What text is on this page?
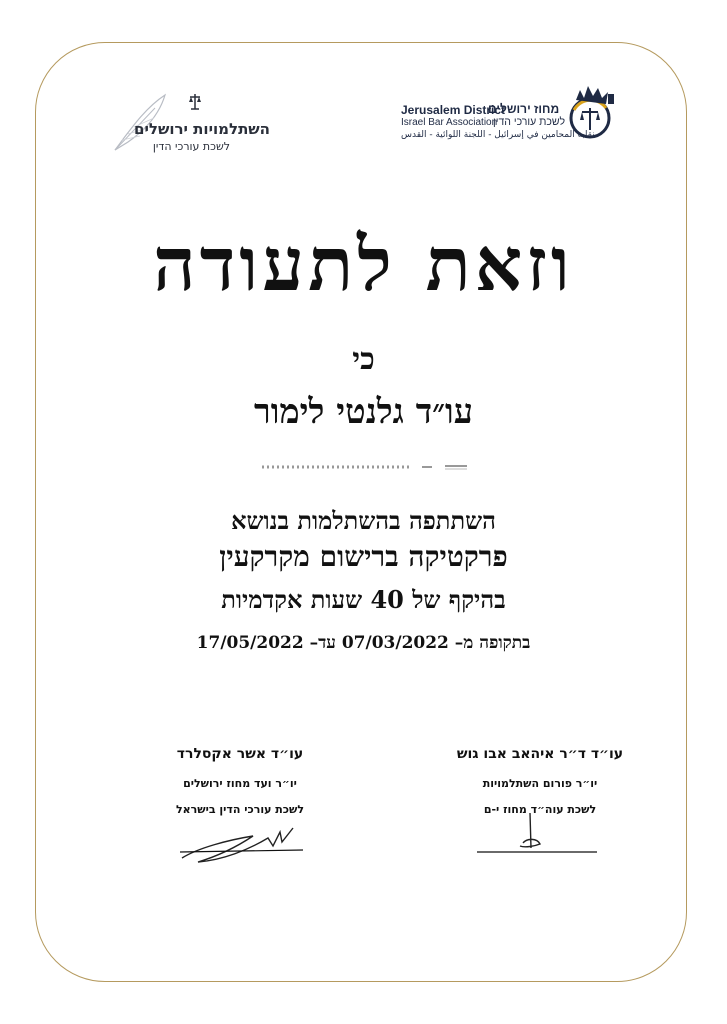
השתלמויות ירושלים
לשכת עורכי הדין
Jerusalem District
מחוז ירושלים
Israel Bar Association
לשכת עורכי הדין
نقابة المحامين في إسرائيل - اللجنة اللوائية - القدس
וזאת לתעודה
כי
עו״ד גלנטי לימור
השתתפה בהשתלמות בנושא
פרקטיקה ברישום מקרקעין
בהיקף של 40 שעות אקדמיות
בתקופה מ– 07/03/2022 עד– 17/05/2022
עו״ד אשר אקסלרד
יו״ר ועד מחוז ירושלים
לשכת עורכי הדין בישראל
עו״ד ד״ר איהאב אבו גוש
יו״ר פורום השתלמויות
לשכת עוה״ד מחוז י-ם
